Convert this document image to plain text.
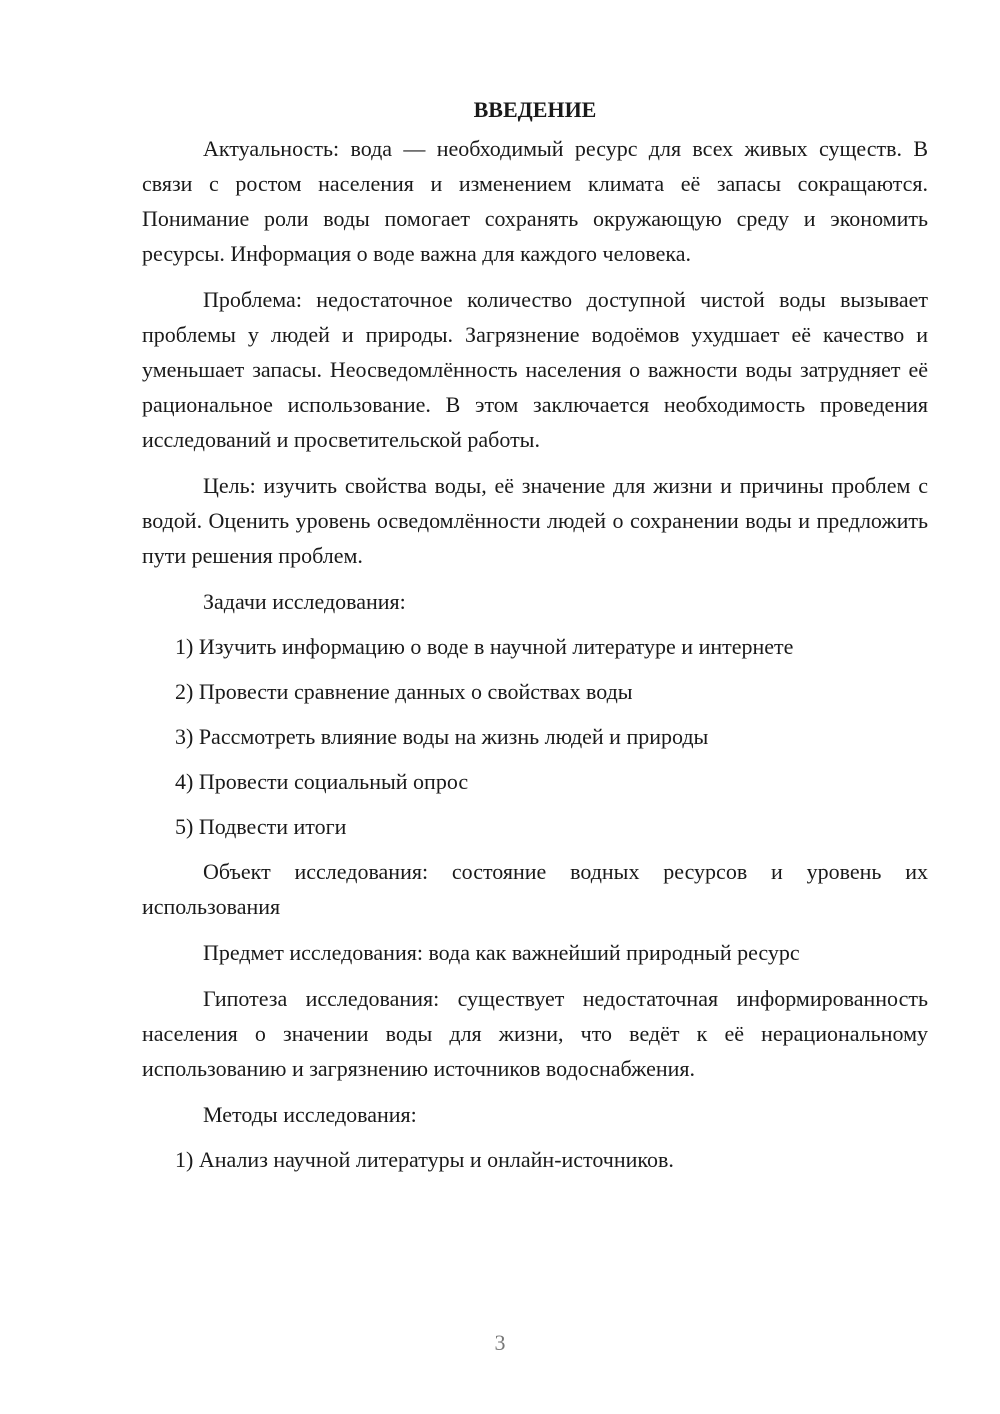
ВВЕДЕНИЕ

Актуальность: вода — необходимый ресурс для всех живых существ. В связи с ростом населения и изменением климата её запасы сокращаются. Понимание роли воды помогает сохранять окружающую среду и экономить ресурсы. Информация о воде важна для каждого человека.

Проблема: недостаточное количество доступной чистой воды вызывает проблемы у людей и природы. Загрязнение водоёмов ухудшает её качество и уменьшает запасы. Неосведомлённость населения о важности воды затрудняет её рациональное использование. В этом заключается необходимость проведения исследований и просветительской работы.

Цель: изучить свойства воды, её значение для жизни и причины проблем с водой. Оценить уровень осведомлённости людей о сохранении воды и предложить пути решения проблем.

Задачи исследования:
1) Изучить информацию о воде в научной литературе и интернете
2) Провести сравнение данных о свойствах воды
3) Рассмотреть влияние воды на жизнь людей и природы
4) Провести социальный опрос
5) Подвести итоги

Объект исследования: состояние водных ресурсов и уровень их использования

Предмет исследования: вода как важнейший природный ресурс

Гипотеза исследования: существует недостаточная информированность населения о значении воды для жизни, что ведёт к её нерациональному использованию и загрязнению источников водоснабжения.

Методы исследования:
1) Анализ научной литературы и онлайн-источников.
3
